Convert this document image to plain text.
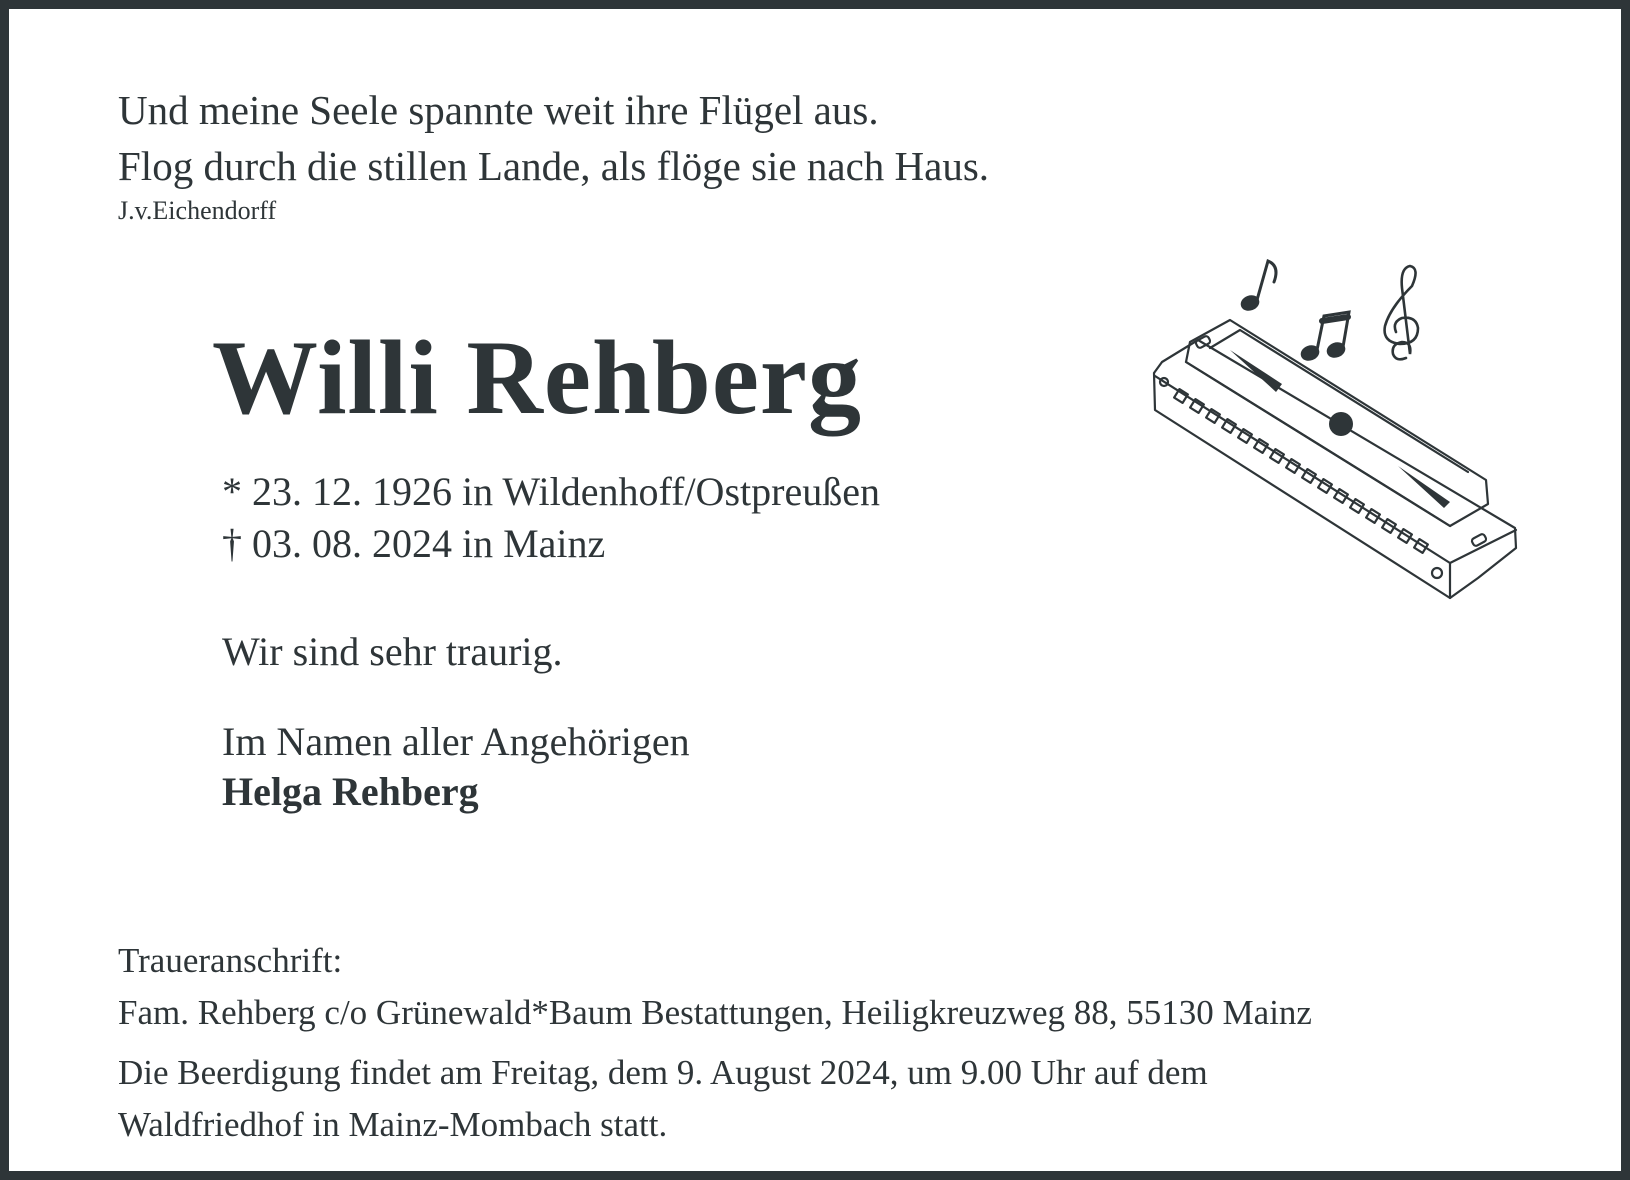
Und meine Seele spannte weit ihre Flügel aus.
Flog durch die stillen Lande, als flöge sie nach Haus.
J.v.Eichendorff
Willi Rehberg
* 23. 12. 1926 in Wildenhoff/Ostpreußen
† 03. 08. 2024 in Mainz
Wir sind sehr traurig.
Im Namen aller Angehörigen
Helga Rehberg
Traueranschrift:
Fam. Rehberg c/o Grünewald*Baum Bestattungen, Heiligkreuzweg 88, 55130 Mainz
Die Beerdigung findet am Freitag, dem 9. August 2024, um 9.00 Uhr auf dem
Waldfriedhof in Mainz-Mombach statt.
